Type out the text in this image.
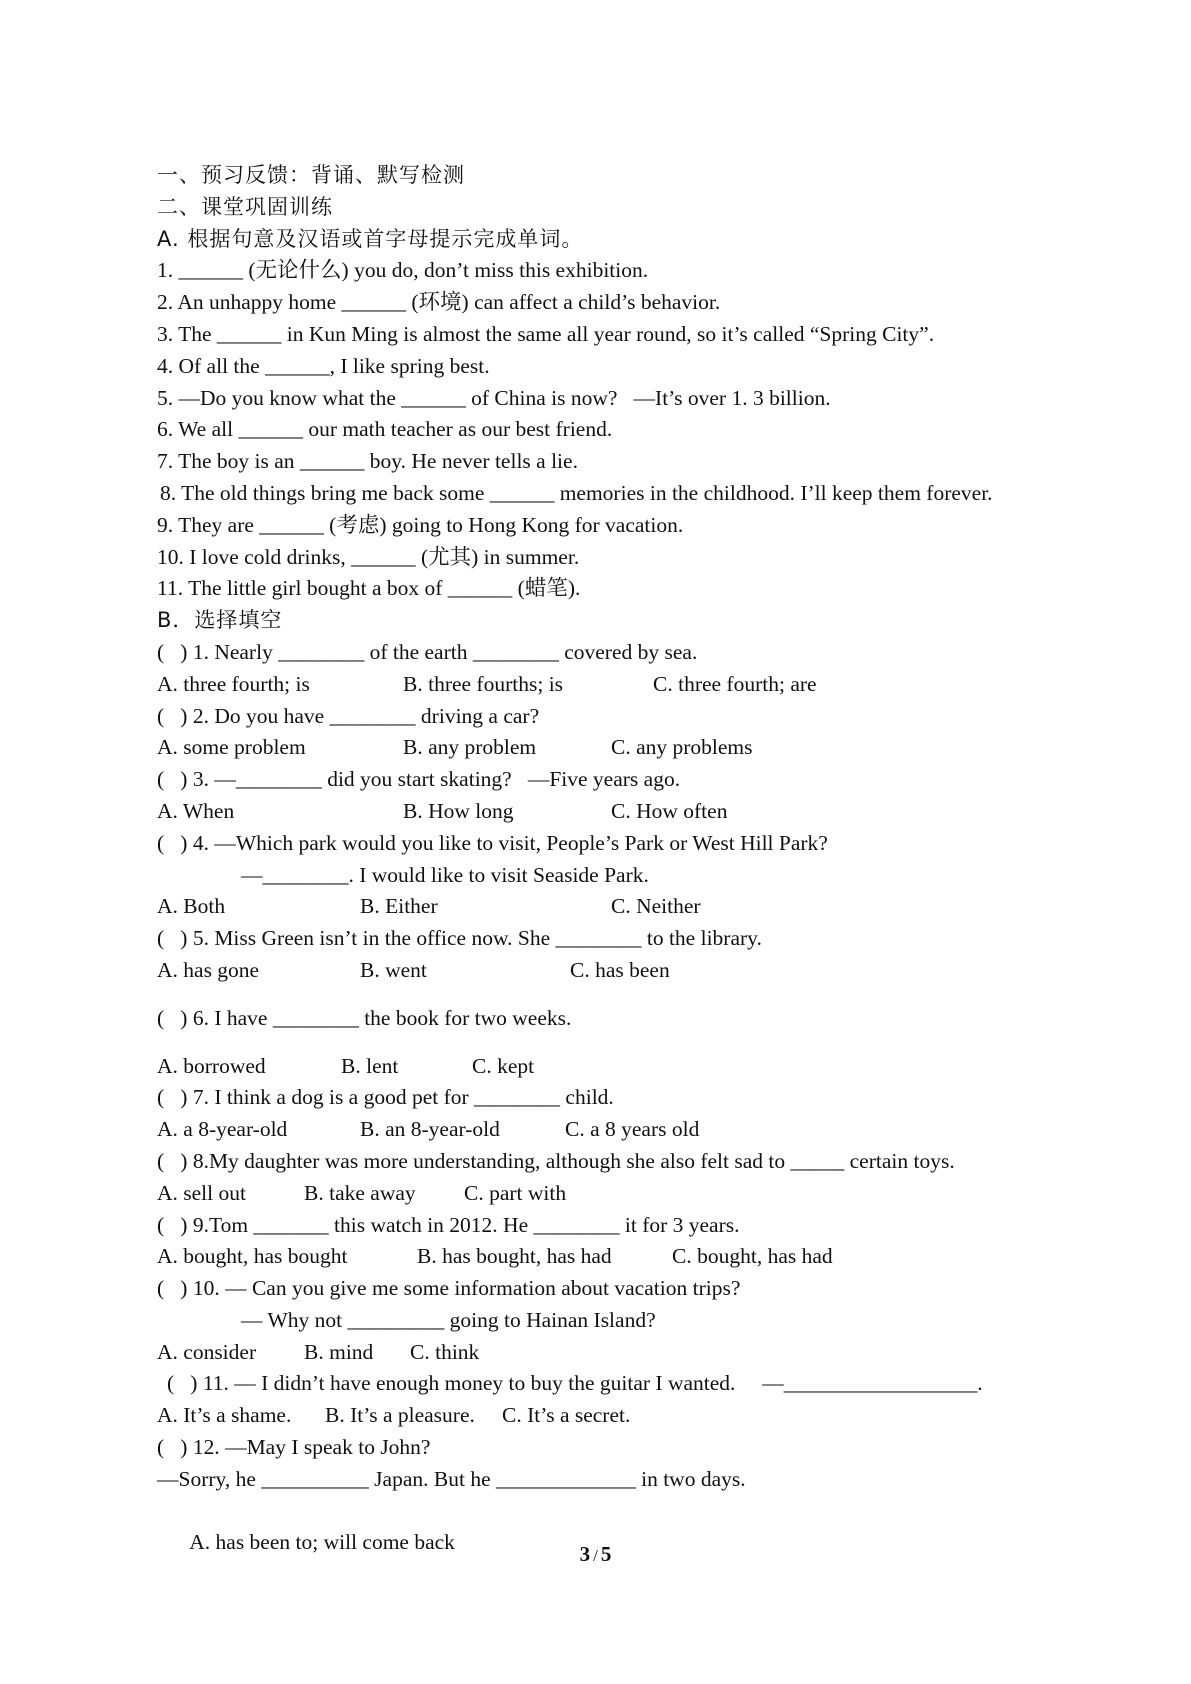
一、预习反馈：背诵、默写检测
二、课堂巩固训练
A. 根据句意及汉语或首字母提示完成单词。
1. ______ (无论什么) you do, don’t miss this exhibition.
2. An unhappy home ______ (环境) can affect a child’s behavior.
3. The ______ in Kun Ming is almost the same all year round, so it’s called “Spring City”.
4. Of all the ______, I like spring best.
5. —Do you know what the ______ of China is now?   —It’s over 1. 3 billion.
6. We all ______ our math teacher as our best friend.
7. The boy is an ______ boy. He never tells a lie.
8. The old things bring me back some ______ memories in the childhood. I’ll keep them forever.
9. They are ______ (考虑) going to Hong Kong for vacation.
10. I love cold drinks, ______ (尤其) in summer.
11. The little girl bought a box of ______ (蜡笔).
B．选择填空
(   ) 1. Nearly ________ of the earth ________ covered by sea.
A. three fourth; is	B. three fourths; is	C. three fourth; are
(   ) 2. Do you have ________ driving a car?
A. some problem	B. any problem	C. any problems
(   ) 3. —________ did you start skating?   —Five years ago.
A. When	B. How long	C. How often
(   ) 4. —Which park would you like to visit, People’s Park or West Hill Park?
—________. I would like to visit Seaside Park.
A. Both	B. Either	C. Neither
(   ) 5. Miss Green isn’t in the office now. She ________ to the library.
A. has gone	B. went	C. has been
(   ) 6. I have ________ the book for two weeks.
A. borrowed	B. lent	C. kept
(   ) 7. I think a dog is a good pet for ________ child.
A. a 8-year-old	B. an 8-year-old	C. a 8 years old
(   ) 8.My daughter was more understanding, although she also felt sad to _____ certain toys.
A. sell out	B. take away	C. part with
(   ) 9.Tom _______ this watch in 2012. He ________ it for 3 years.
A. bought, has bought	B. has bought, has had	C. bought, has had
(   ) 10. — Can you give me some information about vacation trips?
— Why not _________ going to Hainan Island?
A. consider	B. mind	C. think
(   ) 11. — I didn’t have enough money to buy the guitar I wanted.     —__________________.
A. It’s a shame.	B. It’s a pleasure.	C. It’s a secret.
(   ) 12. —May I speak to John?
—Sorry, he __________ Japan. But he _____________ in two days.

A. has been to; will come back
	3 / 5
